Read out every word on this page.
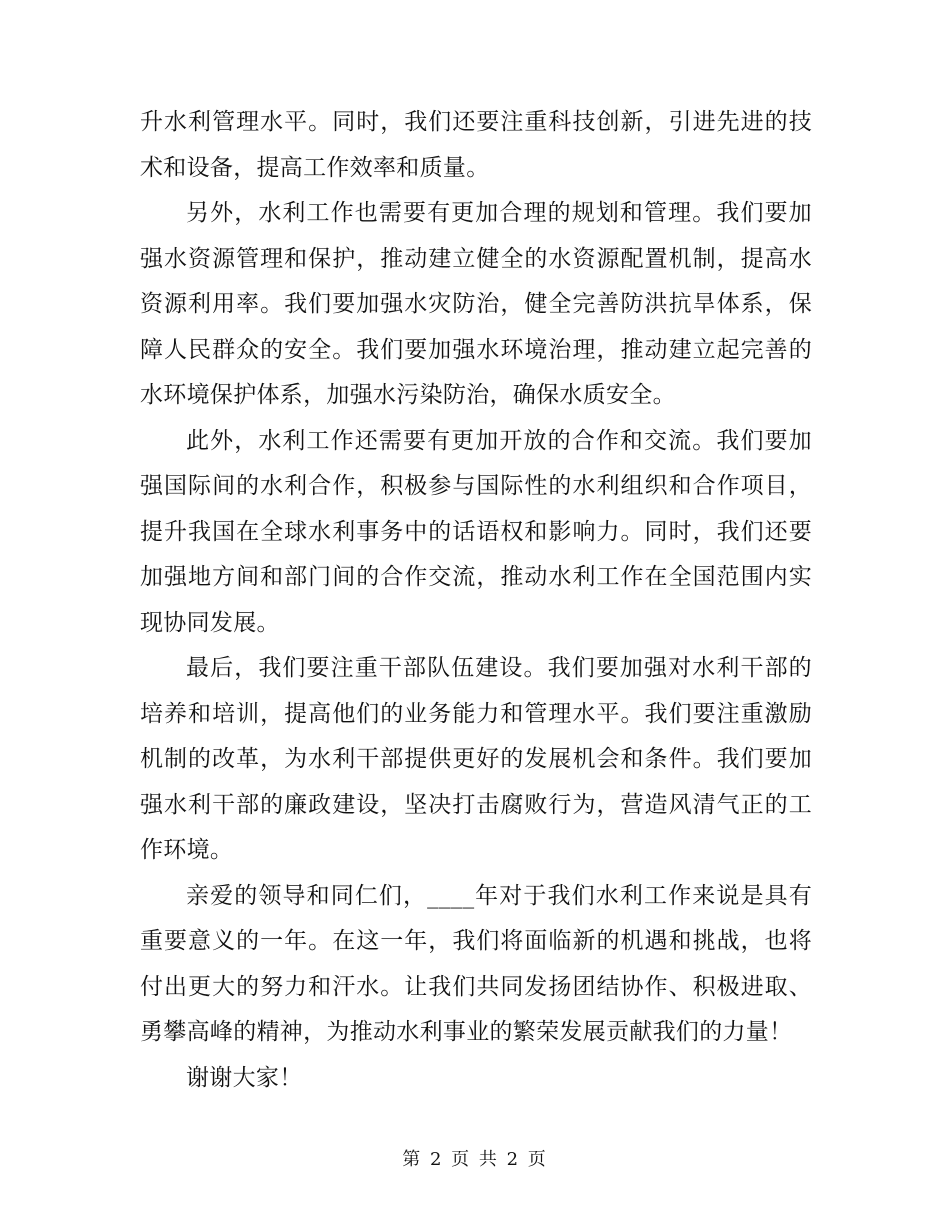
升水利管理水平。同时，我们还要注重科技创新，引进先进的技术和设备，提高工作效率和质量。

另外，水利工作也需要有更加合理的规划和管理。我们要加强水资源管理和保护，推动建立健全的水资源配置机制，提高水资源利用率。我们要加强水灾防治，健全完善防洪抗旱体系，保障人民群众的安全。我们要加强水环境治理，推动建立起完善的水环境保护体系，加强水污染防治，确保水质安全。

此外，水利工作还需要有更加开放的合作和交流。我们要加强国际间的水利合作，积极参与国际性的水利组织和合作项目，提升我国在全球水利事务中的话语权和影响力。同时，我们还要加强地方间和部门间的合作交流，推动水利工作在全国范围内实现协同发展。

最后，我们要注重干部队伍建设。我们要加强对水利干部的培养和培训，提高他们的业务能力和管理水平。我们要注重激励机制的改革，为水利干部提供更好的发展机会和条件。我们要加强水利干部的廉政建设，坚决打击腐败行为，营造风清气正的工作环境。

亲爱的领导和同仁们，____年对于我们水利工作来说是具有重要意义的一年。在这一年，我们将面临新的机遇和挑战，也将付出更大的努力和汗水。让我们共同发扬团结协作、积极进取、勇攀高峰的精神，为推动水利事业的繁荣发展贡献我们的力量！

谢谢大家！

第 2 页 共 2 页
